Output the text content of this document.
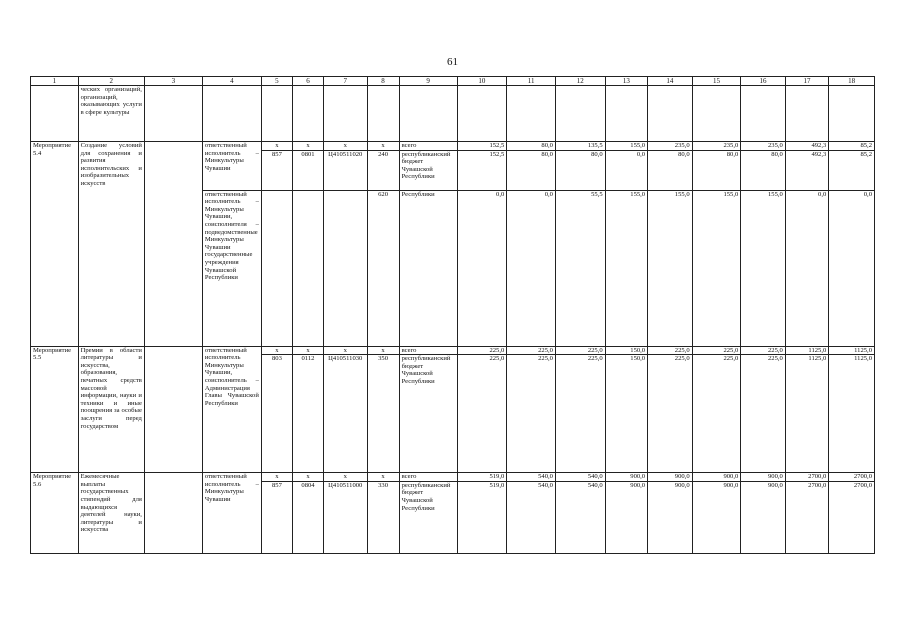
61
1	2	3	4	5	6	7	8	9	10	11	12	13	14	15	16	17	18
	ческих организаций, организаций, оказывающих услуги в сфере культуры																
Мероприятие 5.4	Создание условий для сохранения и развития исполнительских и изобразительных искусств		ответственный исполнитель – Минкультуры Чувашии	x	x	x	x	всего	152,5	80,0	135,5	155,0	235,0	235,0	235,0	492,3	85,2
				857	0801	Ц410511020	240	республиканский бюджет Чувашской Республики	152,5	80,0	80,0	0,0	80,0	80,0	80,0	492,3	85,2
			ответственный исполнитель – Минкультуры Чувашии, соисполнителя – подведомственные Минкультуры Чувашии государственные учреждения Чувашской Республики				620	Республики	0,0	0,0	55,5	155,0	155,0	155,0	155,0	0,0	0,0
Мероприятие 5.5	Премии в области литературы и искусства, образования, печатных средств массовой информации, науки и техники и иные поощрения за особые заслуги перед государством		ответственный исполнитель Минкультуры Чувашии, соисполнитель – Администрация Главы Чувашской Республики	x	x	x	x	всего	225,0	225,0	225,0	150,0	225,0	225,0	225,0	1125,0	1125,0
				803	0112	Ц410511030	350	республиканский бюджет Чувашской Республики	225,0	225,0	225,0	150,0	225,0	225,0	225,0	1125,0	1125,0
Мероприятие 5.6	Ежемесячные выплаты государственных стипендий для выдающихся деятелей науки, литературы и искусства		ответственный исполнитель – Минкультуры Чувашии	x	x	x	x	всего	519,0	540,0	540,0	900,0	900,0	900,0	900,0	2700,0	2700,0
				857	0804	Ц410511000	330	республиканский бюджет Чувашской Республики	519,0	540,0	540,0	900,0	900,0	900,0	900,0	2700,0	2700,0
